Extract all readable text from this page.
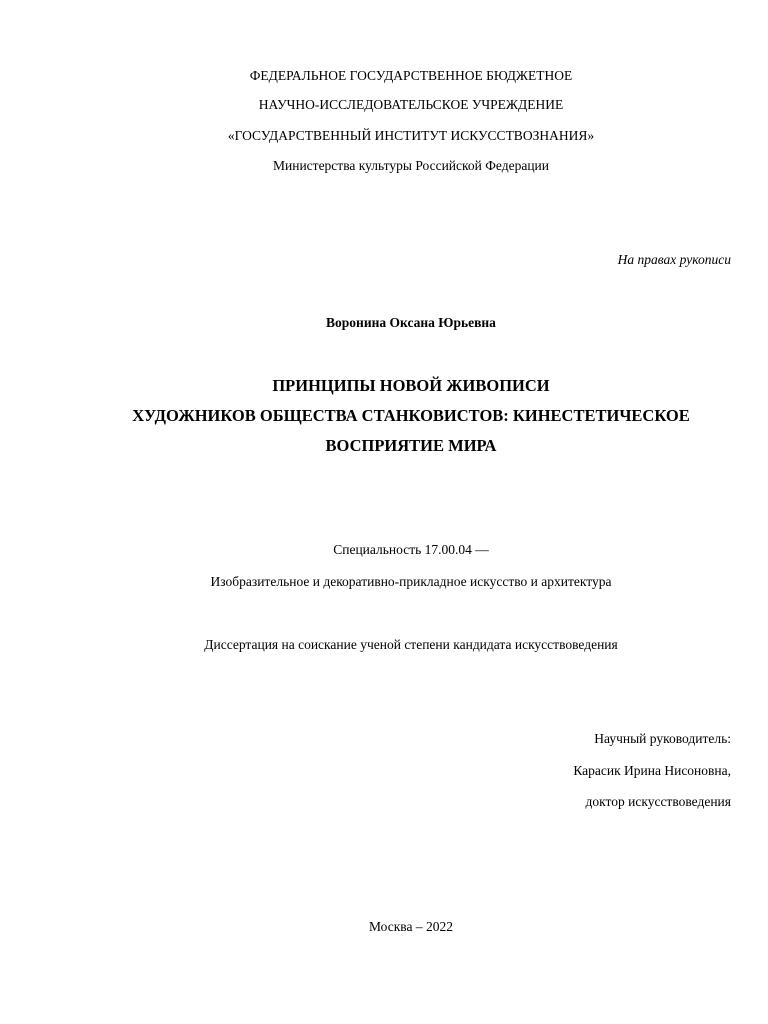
ФЕДЕРАЛЬНОЕ ГОСУДАРСТВЕННОЕ БЮДЖЕТНОЕ
НАУЧНО-ИССЛЕДОВАТЕЛЬСКОЕ УЧРЕЖДЕНИЕ
«ГОСУДАРСТВЕННЫЙ ИНСТИТУТ ИСКУССТВОЗНАНИЯ»
Министерства культуры Российской Федерации
На правах рукописи
Воронина Оксана Юрьевна
ПРИНЦИПЫ НОВОЙ ЖИВОПИСИ
ХУДОЖНИКОВ ОБЩЕСТВА СТАНКОВИСТОВ: КИНЕСТЕТИЧЕСКОЕ
ВОСПРИЯТИЕ МИРА
Специальность 17.00.04 —
Изобразительное и декоративно-прикладное искусство и архитектура
Диссертация на соискание ученой степени кандидата искусствоведения
Научный руководитель:
Карасик Ирина Нисоновна,
доктор искусствоведения
Москва – 2022
